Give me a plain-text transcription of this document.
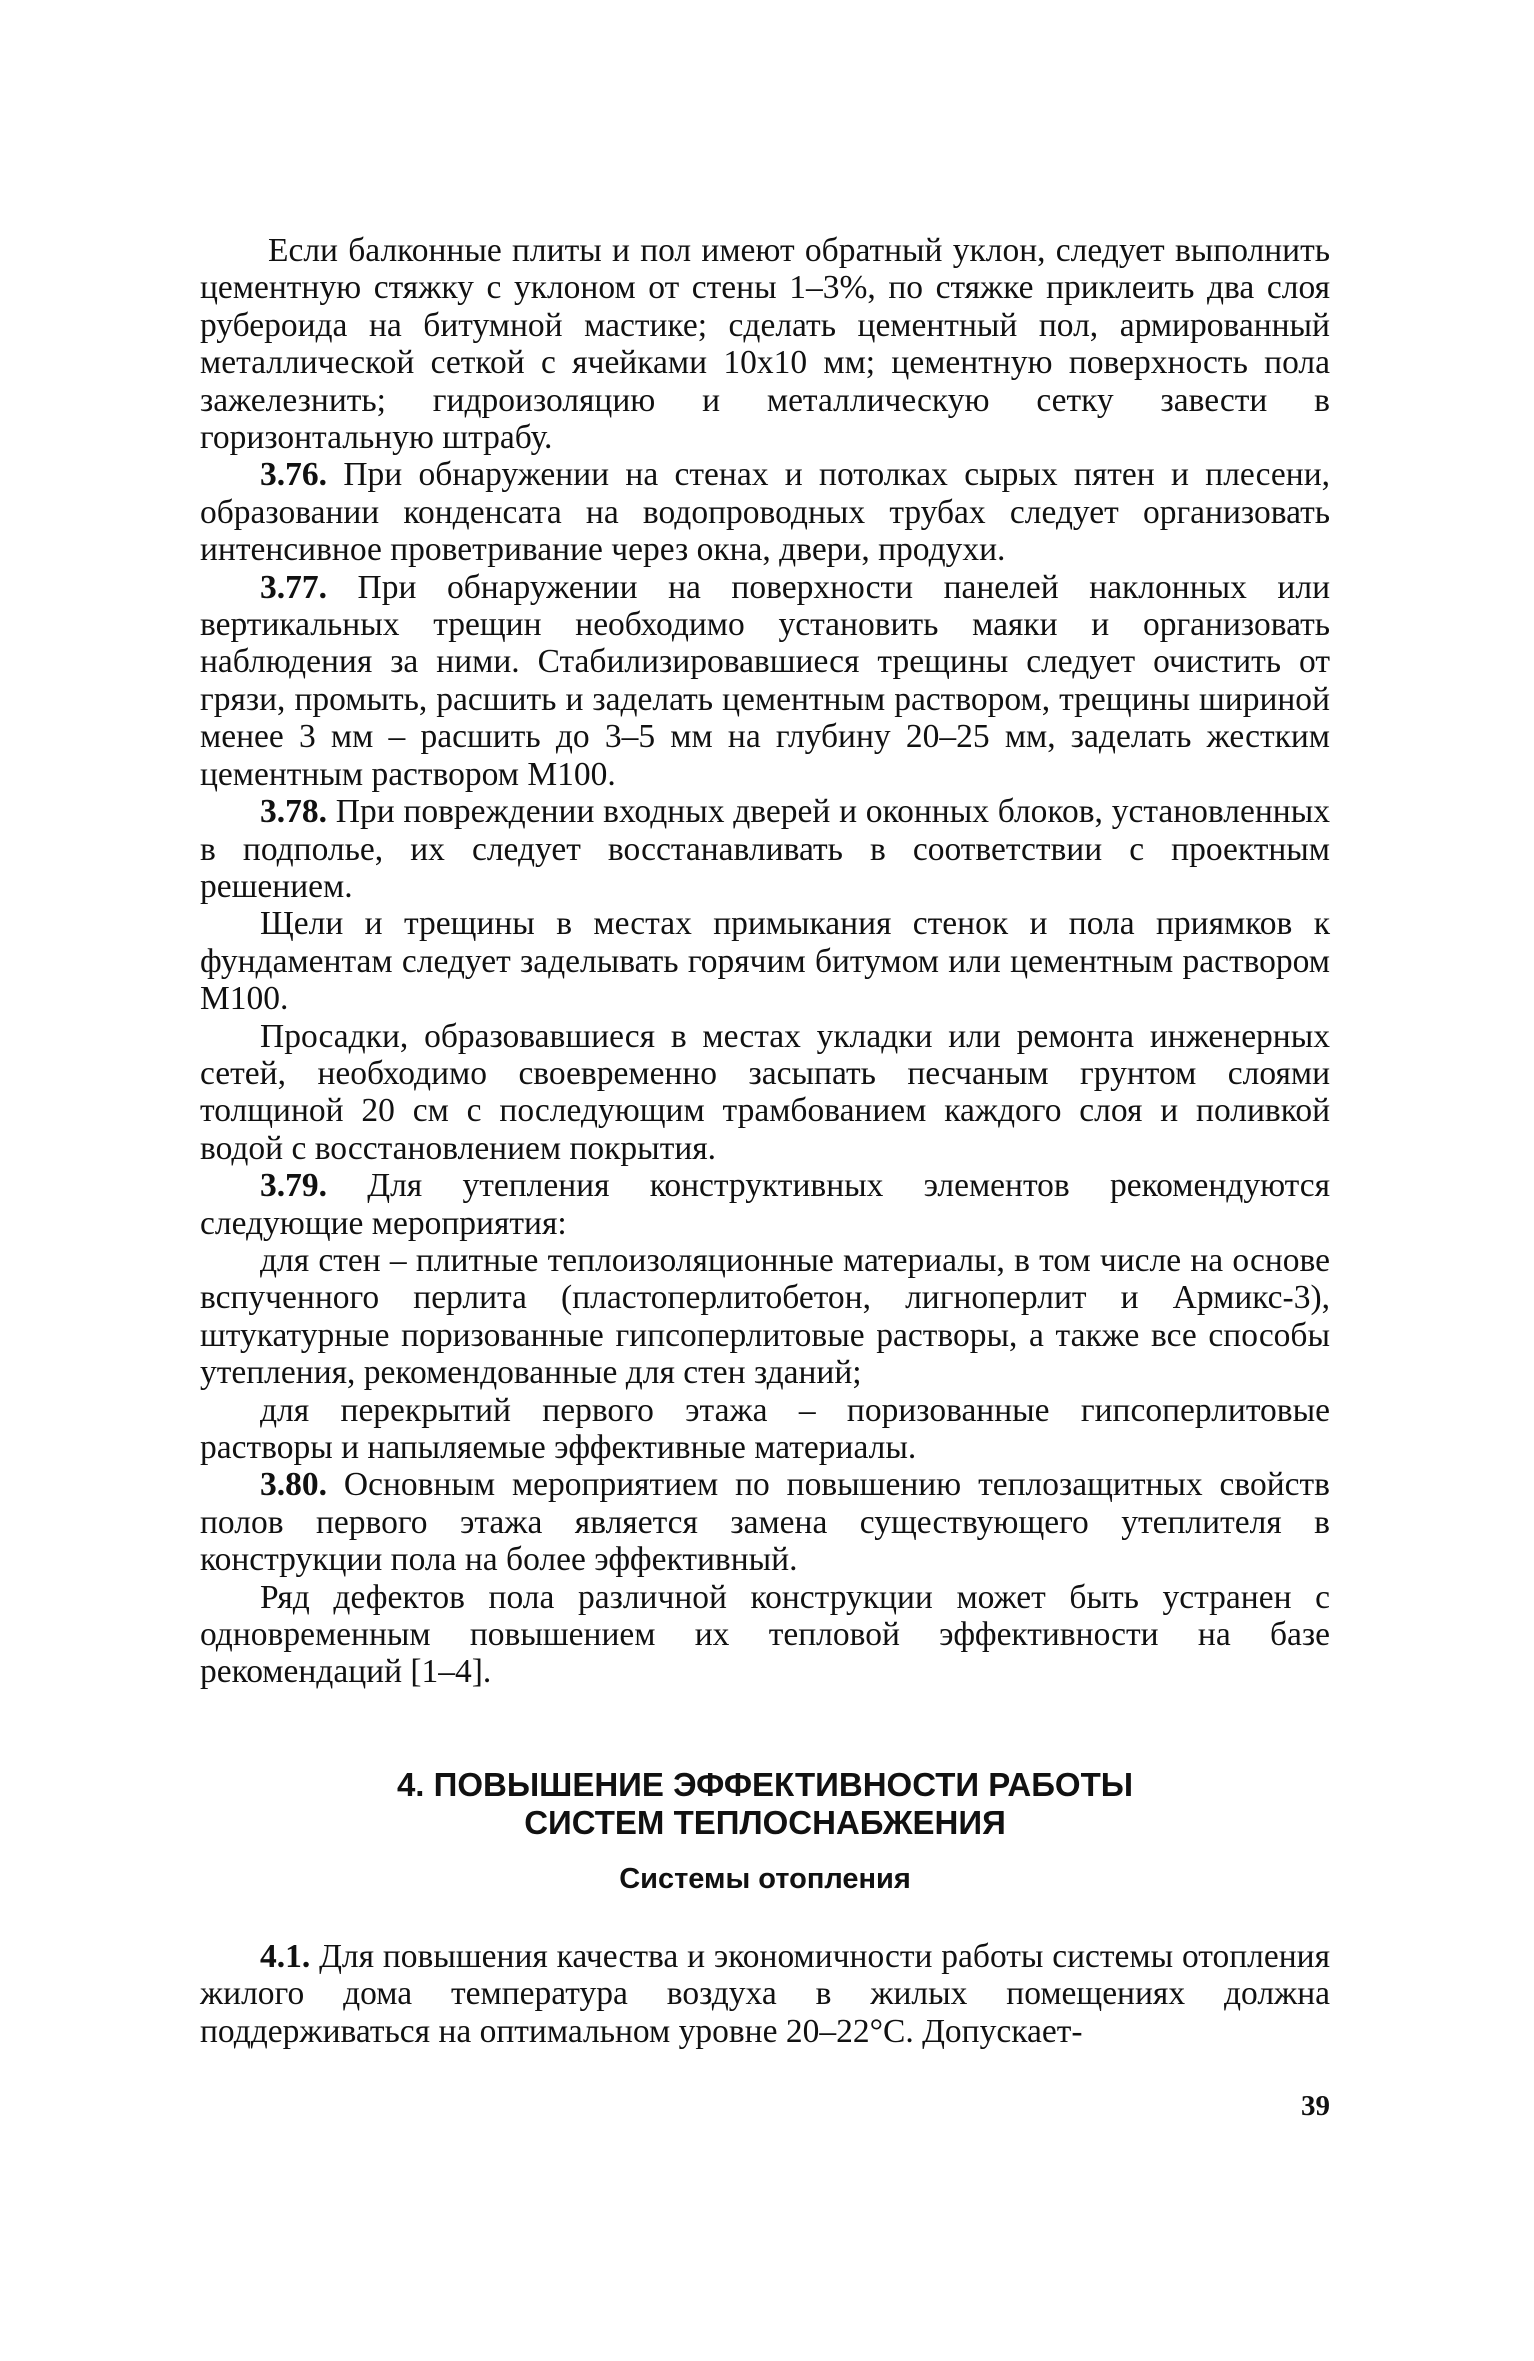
Если балконные плиты и пол имеют обратный уклон, следует выполнить цементную стяжку с уклоном от стены 1–3%, по стяжке приклеить два слоя рубероида на битумной мастике; сделать цементный пол, армированный металлической сеткой с ячейками 10x10 мм; цементную поверхность пола зажелезнить; гидроизоляцию и металлическую сетку завести в горизонтальную штрабу.

3.76. При обнаружении на стенах и потолках сырых пятен и плесени, образовании конденсата на водопроводных трубах следует организовать интенсивное проветривание через окна, двери, продухи.

3.77. При обнаружении на поверхности панелей наклонных или вертикальных трещин необходимо установить маяки и организовать наблюдения за ними. Стабилизировавшиеся трещины следует очистить от грязи, промыть, расшить и заделать цементным раствором, трещины шириной менее 3 мм – расшить до 3–5 мм на глубину 20–25 мм, заделать жестким цементным раствором М100.

3.78. При повреждении входных дверей и оконных блоков, установленных в подполье, их следует восстанавливать в соответствии с проектным решением.

Щели и трещины в местах примыкания стенок и пола приямков к фундаментам следует заделывать горячим битумом или цементным раствором М100.

Просадки, образовавшиеся в местах укладки или ремонта инженерных сетей, необходимо своевременно засыпать песчаным грунтом слоями толщиной 20 см с последующим трамбованием каждого слоя и поливкой водой с восстановлением покрытия.

3.79. Для утепления конструктивных элементов рекомендуются следующие мероприятия:

для стен – плитные теплоизоляционные материалы, в том числе на основе вспученного перлита (пластоперлитобетон, лигноперлит и Армикс-3), штукатурные поризованные гипсоперлитовые растворы, а также все способы утепления, рекомендованные для стен зданий;

для перекрытий первого этажа – поризованные гипсоперлитовые растворы и напыляемые эффективные материалы.

3.80. Основным мероприятием по повышению теплозащитных свойств полов первого этажа является замена существующего утеплителя в конструкции пола на более эффективный.

Ряд дефектов пола различной конструкции может быть устранен с одновременным повышением их тепловой эффективности на базе рекомендаций [1–4].

4. ПОВЫШЕНИЕ ЭФФЕКТИВНОСТИ РАБОТЫ
СИСТЕМ ТЕПЛОСНАБЖЕНИЯ
Системы отопления

4.1. Для повышения качества и экономичности работы системы отопления жилого дома температура воздуха в жилых помещениях должна поддерживаться на оптимальном уровне 20–22°С. Допускает-

39
